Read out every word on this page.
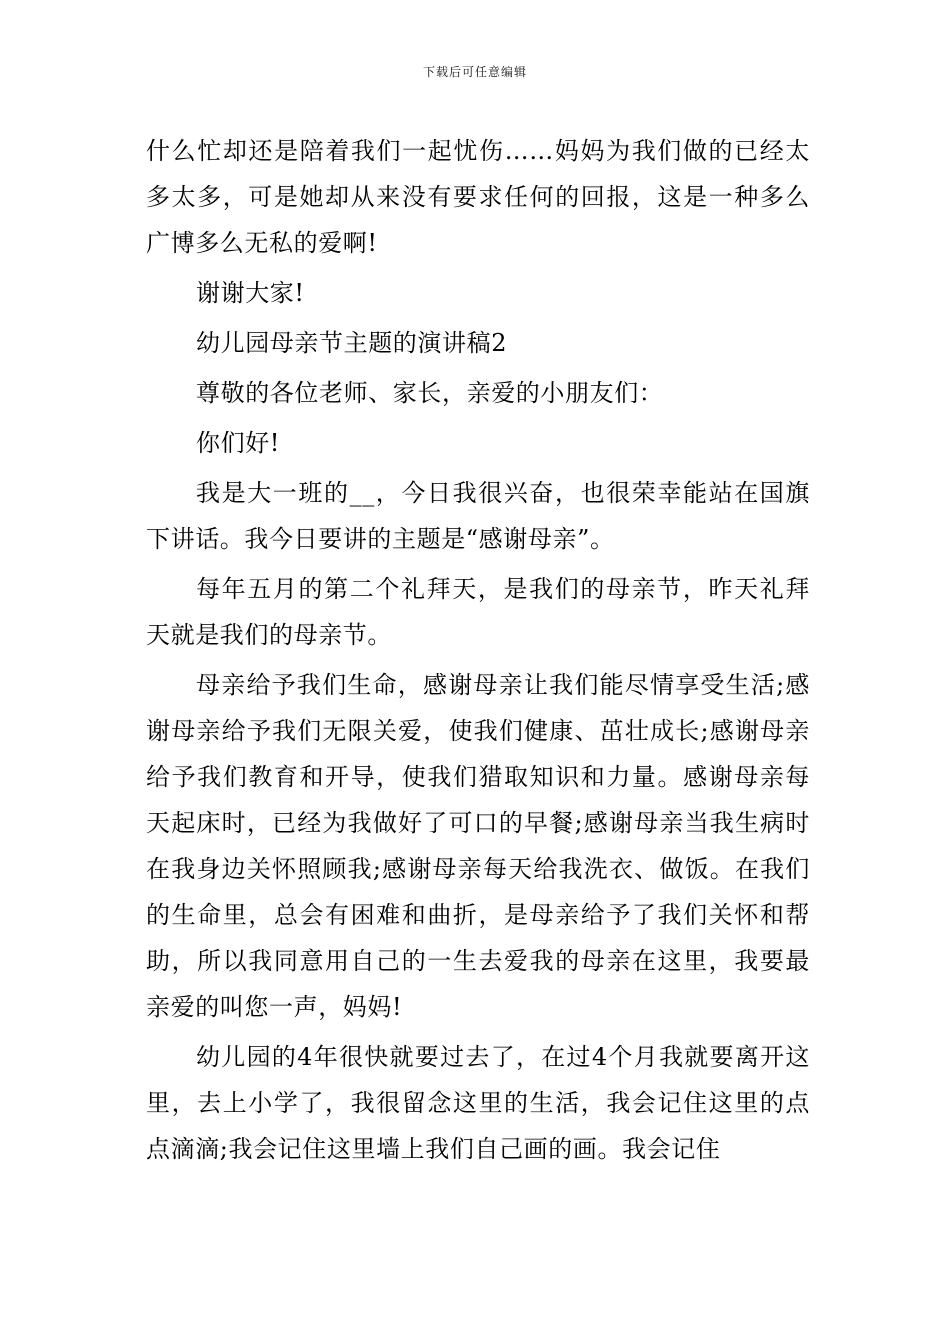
下载后可任意编辑

什么忙却还是陪着我们一起忧伤……妈妈为我们做的已经太多太多，可是她却从来没有要求任何的回报，这是一种多么广博多么无私的爱啊!

谢谢大家!

幼儿园母亲节主题的演讲稿2

尊敬的各位老师、家长，亲爱的小朋友们：

你们好!

我是大一班的__，今日我很兴奋，也很荣幸能站在国旗下讲话。我今日要讲的主题是“感谢母亲”。

每年五月的第二个礼拜天，是我们的母亲节，昨天礼拜天就是我们的母亲节。

母亲给予我们生命，感谢母亲让我们能尽情享受生活;感谢母亲给予我们无限关爱，使我们健康、茁壮成长;感谢母亲给予我们教育和开导，使我们猎取知识和力量。感谢母亲每天起床时，已经为我做好了可口的早餐;感谢母亲当我生病时在我身边关怀照顾我;感谢母亲每天给我洗衣、做饭。在我们的生命里，总会有困难和曲折，是母亲给予了我们关怀和帮助，所以我同意用自己的一生去爱我的母亲在这里，我要最亲爱的叫您一声，妈妈!

幼儿园的4年很快就要过去了，在过4个月我就要离开这里，去上小学了，我很留念这里的生活，我会记住这里的点点滴滴;我会记住这里墙上我们自己画的画。我会记住
